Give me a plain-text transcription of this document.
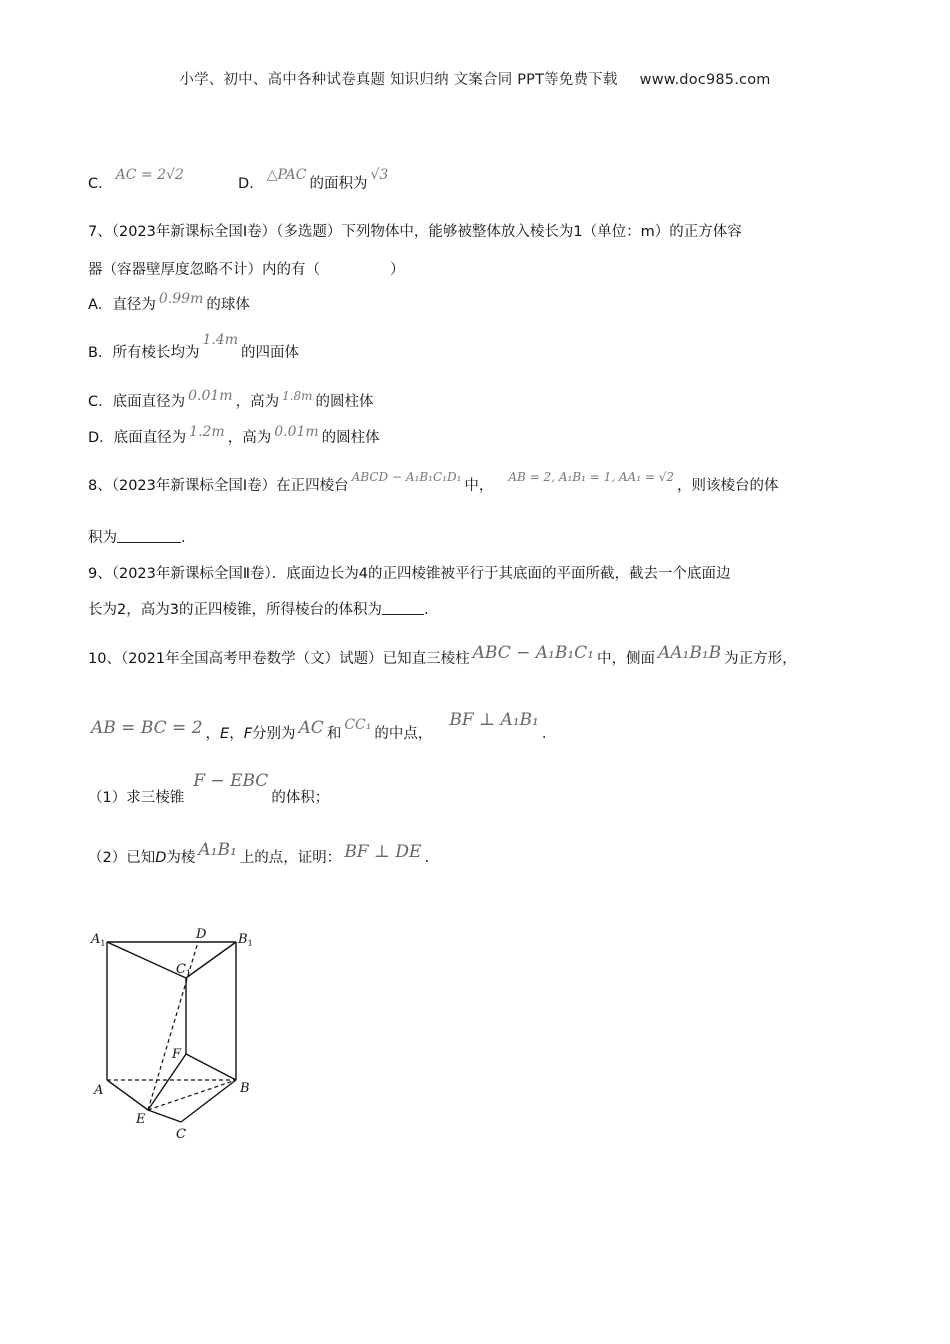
小学、初中、高中各种试卷真题 知识归纳 文案合同 PPT等免费下载 www.doc985.com
C．AC = 2√2  D．△PAC的面积为√3
7、（2023年新课标全国Ⅰ卷）（多选题）下列物体中，能够被整体放入棱长为1（单位：m）的正方体容
器（容器壁厚度忽略不计）内的有（	）
A．直径为 0.99m 的球体
B．所有棱长均为1.4m的四面体
C．底面直径为 0.01m ，高为 $^{1.8m}$ 的圆柱体
D．底面直径为 1.2m ，高为 0.01m 的圆柱体
8、（2023年新课标全国Ⅰ卷）在正四棱台$^{ABCD - A_1B_1C_1D_1}$中，$^{AB = 2, A_1B_1 = 1, AA_1 = √2}$，则该棱台的体
积为	.
9、（2023年新课标全国Ⅱ卷）．底面边长为4的正四棱锥被平行于其底面的平面所截，截去一个底面边
长为2，高为3的正四棱锥，所得棱台的体积为	.
10、（2021年全国高考甲卷数学（文）试题）已知直三棱柱 ABC − A₁B₁C₁ 中，侧面 AA₁B₁B 为正方形，
AB = BC = 2 ，E，F分别为 AC 和CC₁的中点，BF ⊥ A₁B₁.
（1）求三棱锥F − EBC的体积；
（2）已知D为棱 A₁B₁ 上的点，证明： BF ⊥ DE .
$A_1$
D $B_1$
$C_1$
F
A	B
E
C
